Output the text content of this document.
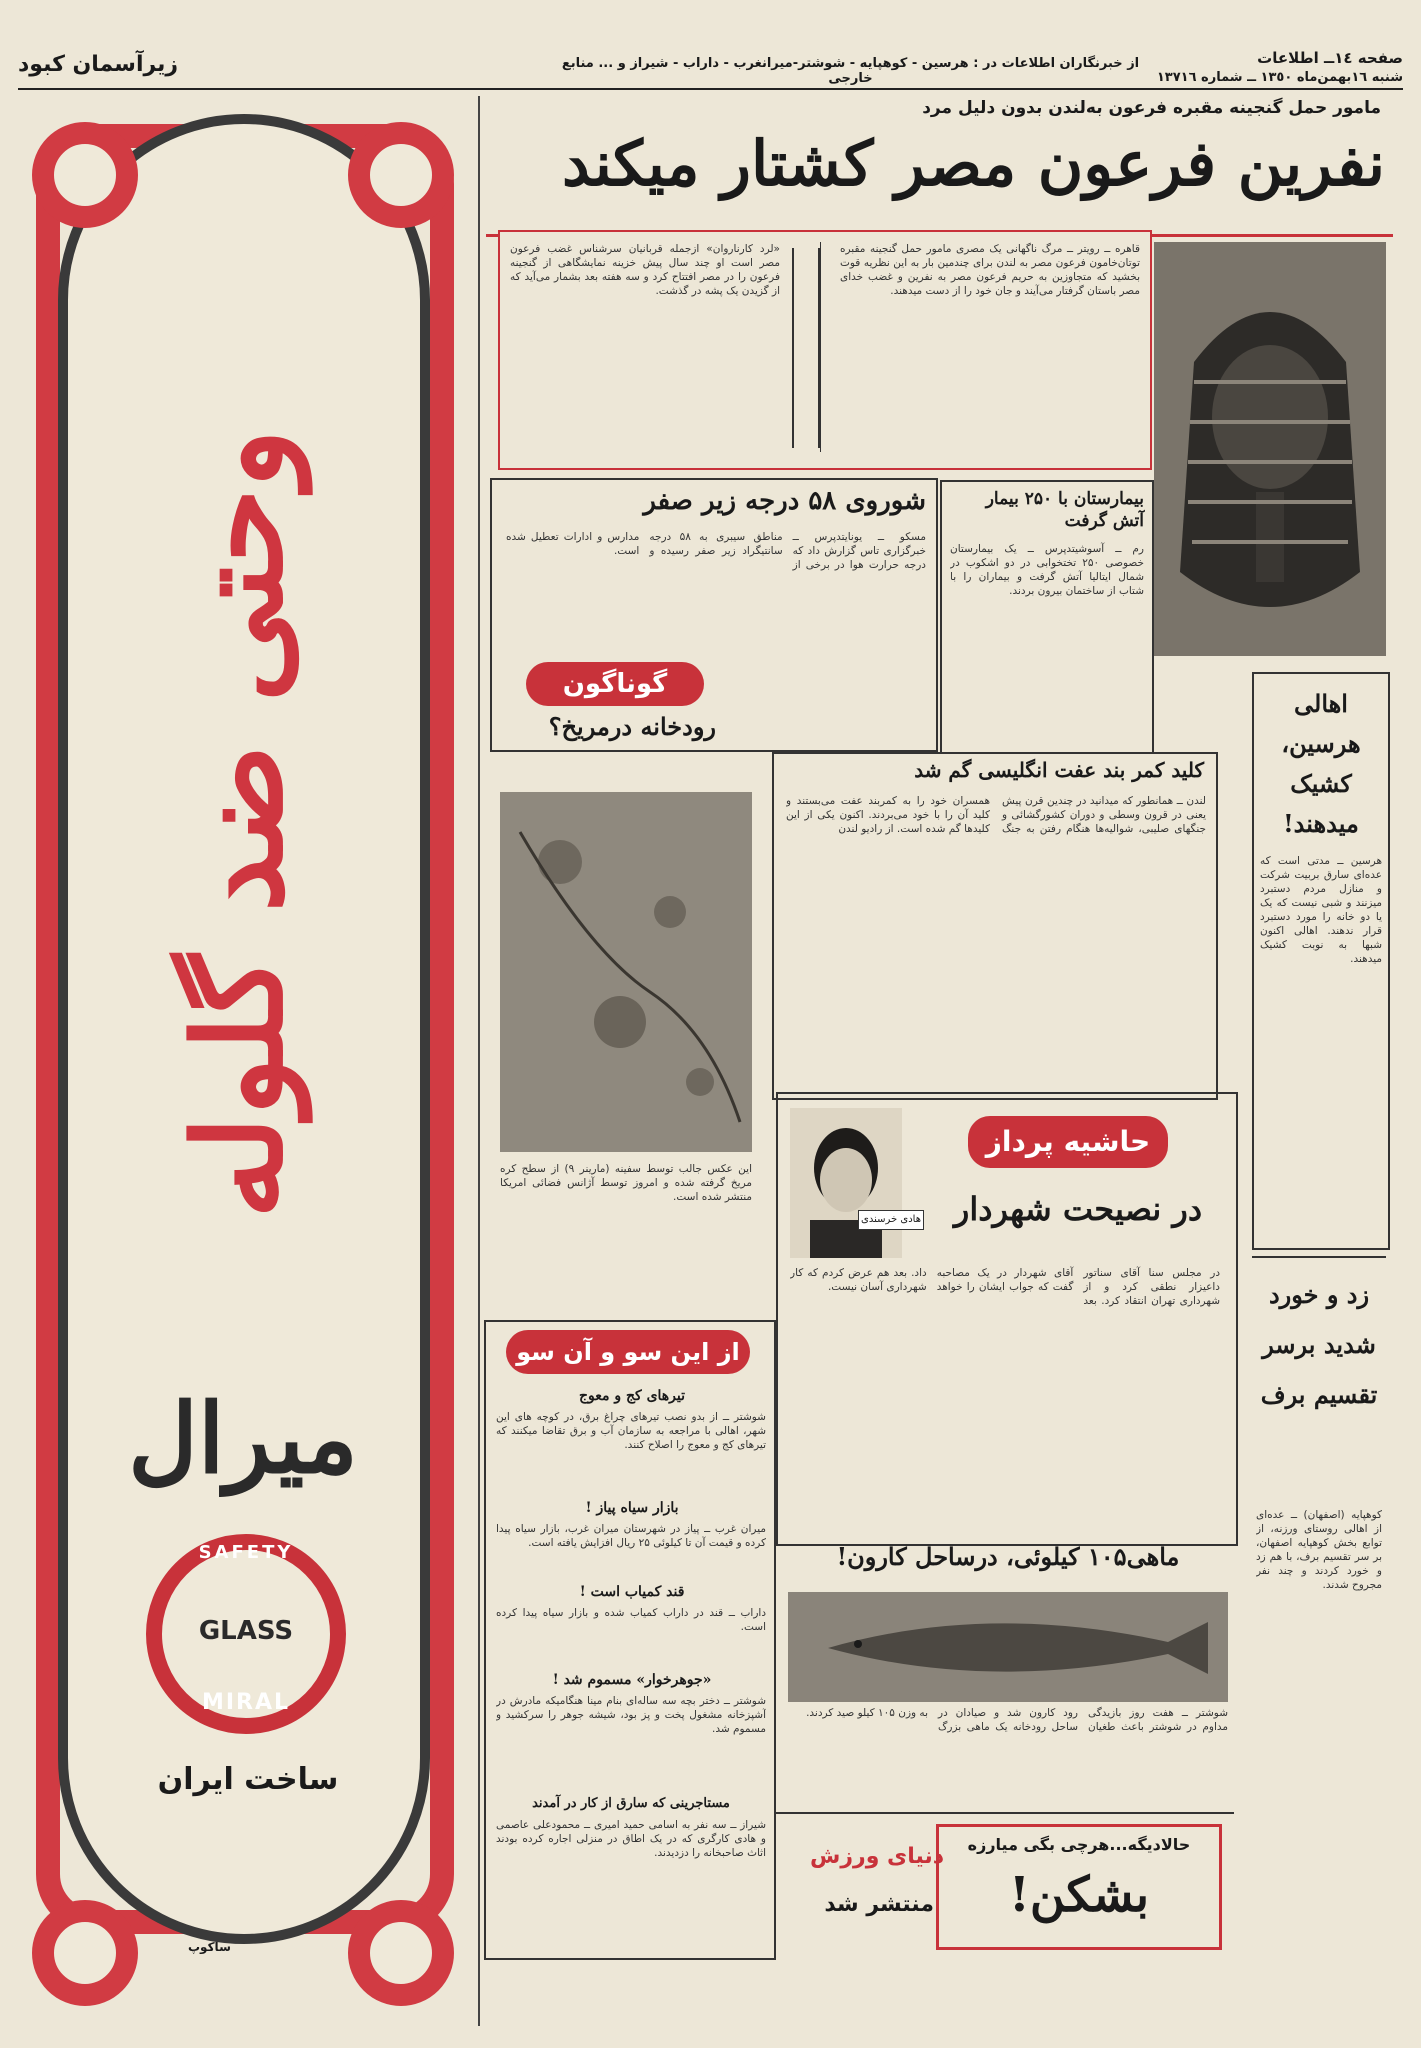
صفحه ١٤ــ اطلاعات
شنبه ١٦بهمن‌ماه ١٣٥٠ ــ شماره ١٣٧١٦
از خبرنگاران اطلاعات در : هرسین - کوهپایه - شوشتر-میرانغرب - داراب - شیراز و ... منابع خارجی
زیرآسمان کبود
مامور حمل گنجینه مقبره فرعون به‌لندن بدون دلیل مرد
نفرین فرعون مصر کشتار میکند
قاهره ــ رویتر ــ مرگ ناگهانی یک مصری مامور حمل گنجینه مقبره توتان‌خامون فرعون مصر به لندن برای چندمین بار به این نظریه قوت بخشید که متجاوزین به حریم فرعون مصر به نفرین و غضب خدای مصر باستان گرفتار می‌آیند و جان خود را از دست میدهند.
«لرد کارناروان» ازجمله قربانیان سرشناس غضب فرعون مصر است او چند سال پیش خزینه نمایشگاهی از گنجینه فرعون را در مصر افتتاح کرد و سه هفته بعد بشمار می‌آید که از گزیدن یک پشه در گذشت.
بیمارستان با ۲۵۰ بیمار آتش گرفت
رم ــ آسوشیتدپرس ــ یک بیمارستان خصوصی ۲۵۰ تختخوابی در دو اشکوب در شمال ایتالیا آتش گرفت و بیماران را با شتاب از ساختمان بیرون بردند.
شوروی ۵۸ درجه زیر صفر
مسکو ــ یونایتدپرس ــ خبرگزاری تاس گزارش داد که درجه حرارت هوا در برخی از مناطق سیبری به ۵۸ درجه سانتیگراد زیر صفر رسیده و مدارس و ادارات تعطیل شده است.
گوناگون
رودخانه درمریخ؟
این عکس جالب توسط سفینه (مارینر ۹) از سطح کره مریخ گرفته شده و امروز توسط آژانس فضائی امریکا منتشر شده است.
کلید کمر بند عفت انگلیسی گم شد
لندن ــ همانطور که میدانید در چندین قرن پیش یعنی در قرون وسطی و دوران کشورگشائی و جنگهای صلیبی، شوالیه‌ها هنگام رفتن به جنگ همسران خود را به کمربند عفت می‌بستند و کلید آن را با خود می‌بردند. اکنون یکی از این کلیدها گم شده است. از رادیو لندن
اهالی هرسین، کشیک میدهند!
هرسین ــ مدتی است که عده‌ای سارق بربیت شرکت و منازل مردم دستبرد میزنند و شبی نیست که یک یا دو خانه را مورد دستبرد قرار ندهند. اهالی اکنون شبها به نوبت کشیک میدهند.
هادی خرسندی
حاشیه پرداز
در نصیحت شهردار
در مجلس سنا آقای سناتور داعیزار نطقی کرد و از شهرداری تهران انتقاد کرد. بعد آقای شهردار در یک مصاحبه گفت که جواب ایشان را خواهد داد. بعد هم عرض کردم که کار شهرداری آسان نیست.
ماهی۱۰۵ کیلوئی، درساحل کارون!
شوشتر ــ هفت روز بازیدگی مداوم در شوشتر باعث طغیان رود کارون شد و صیادان در ساحل رودخانه یک ماهی بزرگ به وزن ۱۰۵ کیلو صید کردند.
زد و خورد شدید برسر تقسیم برف
کوهپایه (اصفهان) ــ عده‌ای از اهالی روستای ورزنه، از توابع بخش کوهپایه اصفهان، بر سر تقسیم برف، با هم زد و خورد کردند و چند نفر مجروح شدند.
از این سو و آن سو
تیرهای کج و معوج
شوشتر ــ از بدو نصب تیرهای چراغ برق، در کوچه های این شهر، اهالی با مراجعه به سازمان آب و برق تقاضا میکنند که تیرهای کج و معوج را اصلاح کنند.
بازار سیاه پیاز !
میران غرب ــ پیاز در شهرستان میران غرب، بازار سیاه پیدا کرده و قیمت آن تا کیلوئی ۲۵ ریال افزایش یافته است.
قند کمیاب است !
داراب ــ قند در داراب کمیاب شده و بازار سیاه پیدا کرده است.
«جوهرخوار» مسموم شد !
شوشتر ــ دختر بچه سه ساله‌ای بنام مینا هنگامیکه مادرش در آشپزخانه مشغول پخت و پز بود، شیشه جوهر را سرکشید و مسموم شد.
مستاجرینی که سارق از کار در آمدند
شیراز ــ سه نفر به اسامی حمید امیری ــ محمودعلی عاصمی و هادی کارگری که در یک اطاق در منزلی اجاره کرده بودند اثاث صاحبخانه را دزدیدند. دنیای ورزش
منتشر شد
حالادیگه...هرچی بگی میارزه
بشکن!
وحتی ضد گلوله
میرال
SAFETY
GLASS
MIRAL
ساخت ایران
ساکوپ
